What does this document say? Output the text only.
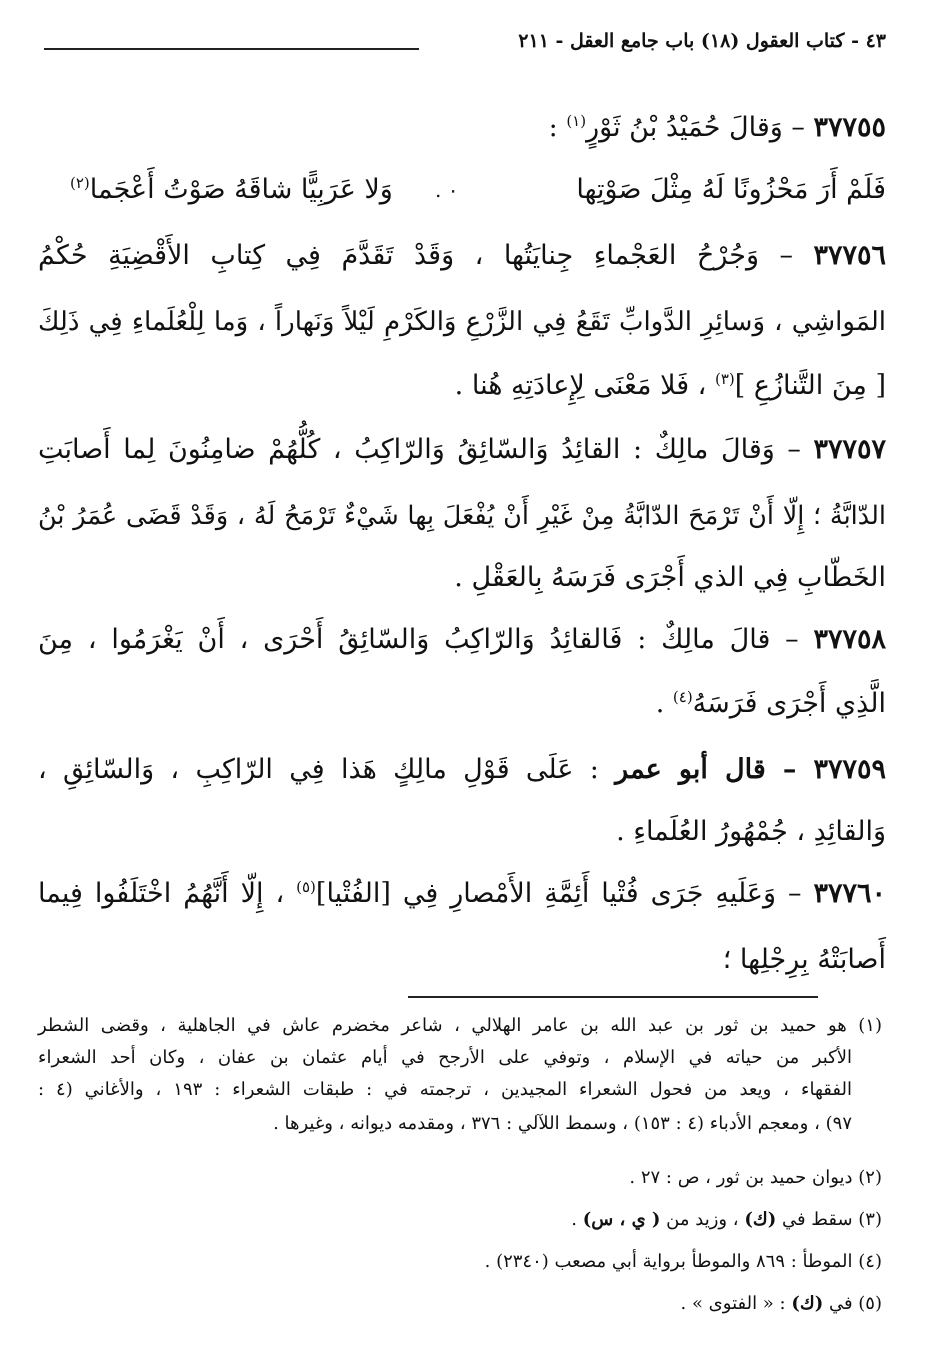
٤٣ - كتاب العقول (١٨) باب جامع العقل - ٢١١
٣٧٧٥٥ – وَقالَ حُمَيْدُ بْنُ ثَوْرٍ$^{(١)}$ :
فَلَمْ أَرَ مَحْزُونًا لَهُ مِثْلَ صَوْتِها
٠ .
وَلا عَرَبِيًّا شاقَهُ صَوْتُ أَعْجَما$^{(٢)}$
٣٧٧٥٦ – وَجُرْحُ العَجْماءِ جِنايَتُها ، وَقَدْ تَقَدَّمَ فِي كِتابِ الأَقْضِيَةِ حُكْمُ
المَواشِي ، وَسائِرِ الدَّوابِّ تَقَعُ فِي الزَّرْعِ وَالكَرْمِ لَيْلاً وَنَهاراً ، وَما لِلْعُلَماءِ فِي ذَلِكَ
[ مِنَ التَّنازُعِ ]$^{(٣)}$ ، فَلا مَعْنَى لِإِعادَتِهِ هُنا .
٣٧٧٥٧ – وَقالَ مالِكٌ : القائِدُ وَالسّائِقُ وَالرّاكِبُ ، كُلُّهُمْ ضامِنُونَ لِما أَصابَتِ
الدّابَّةُ ؛ إِلّا أَنْ تَرْمَحَ الدّابَّةُ مِنْ غَيْرِ أَنْ يُفْعَلَ بِها شَيْءٌ تَرْمَحُ لَهُ ، وَقَدْ قَضَى عُمَرُ بْنُ
الخَطّابِ فِي الذي أَجْرَى فَرَسَهُ بِالعَقْلِ .
٣٧٧٥٨ – قالَ مالِكٌ : فَالقائِدُ وَالرّاكِبُ وَالسّائِقُ أَحْرَى ، أَنْ يَغْرَمُوا ، مِنَ
الَّذِي أَجْرَى فَرَسَهُ$^{(٤)}$ .
٣٧٧٥٩ – قال أبو عمر : عَلَى قَوْلِ مالِكٍ هَذا فِي الرّاكِبِ ، وَالسّائِقِ ،
وَالقائِدِ ، جُمْهُورُ العُلَماءِ .
٣٧٧٦٠ – وَعَلَيهِ جَرَى فُتْيا أَئِمَّةِ الأَمْصارِ فِي [الفُتْيا]$^{(٥)}$ ، إِلّا أَنَّهُمُ اخْتَلَفُوا فِيما
أَصابَتْهُ بِرِجْلِها ؛
(١) هو حميد بن ثور بن عبد الله بن عامر الهلالي ، شاعر مخضرم عاش في الجاهلية ، وقضى الشطر
الأكبر من حياته في الإسلام ، وتوفي على الأرجح في أيام عثمان بن عفان ، وكان أحد الشعراء
الفقهاء ، ويعد من فحول الشعراء المجيدين ، ترجمته في : طبقات الشعراء : ١٩٣ ، والأغاني (٤ :
٩٧) ، ومعجم الأدباء (٤ : ١٥٣) ، وسمط اللآلي : ٣٧٦ ، ومقدمه ديوانه ، وغيرها .
(٢) ديوان حميد بن ثور ، ص : ٢٧ .
(٣) سقط في (ك) ، وزيد من ( ي ، س) .
(٤) الموطأ : ٨٦٩ والموطأ برواية أبي مصعب (٢٣٤٠) .
(٥) في (ك) : « الفتوى » .
